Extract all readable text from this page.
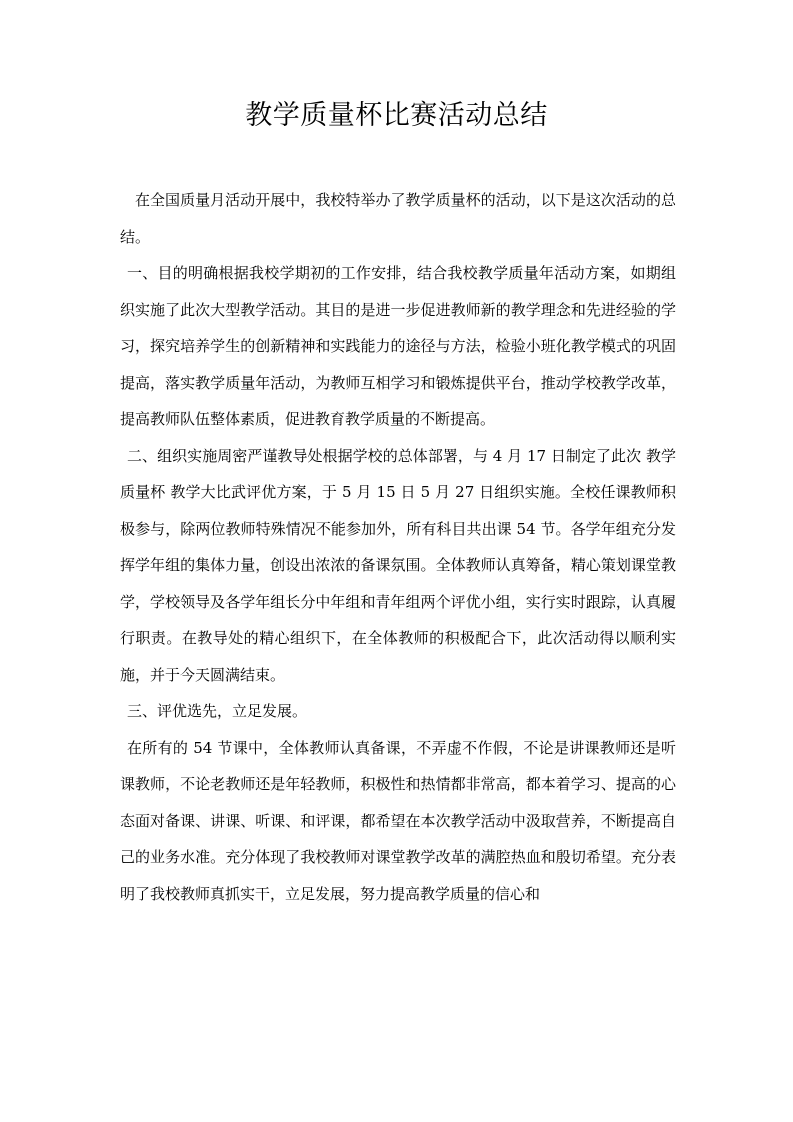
教学质量杯比赛活动总结

在全国质量月活动开展中，我校特举办了教学质量杯的活动，以下是这次活动的总结。

一、目的明确根据我校学期初的工作安排，结合我校教学质量年活动方案，如期组织实施了此次大型教学活动。其目的是进一步促进教师新的教学理念和先进经验的学习，探究培养学生的创新精神和实践能力的途径与方法，检验小班化教学模式的巩固提高，落实教学质量年活动，为教师互相学习和锻炼提供平台，推动学校教学改革，提高教师队伍整体素质，促进教育教学质量的不断提高。

二、组织实施周密严谨教导处根据学校的总体部署，与 4 月 17 日制定了此次 教学质量杯 教学大比武评优方案，于 5 月 15 日 5 月 27 日组织实施。全校任课教师积极参与，除两位教师特殊情况不能参加外，所有科目共出课 54 节。各学年组充分发挥学年组的集体力量，创设出浓浓的备课氛围。全体教师认真筹备，精心策划课堂教学，学校领导及各学年组长分中年组和青年组两个评优小组，实行实时跟踪，认真履行职责。在教导处的精心组织下，在全体教师的积极配合下，此次活动得以顺利实施，并于今天圆满结束。

三、评优选先，立足发展。

在所有的 54 节课中，全体教师认真备课，不弄虚不作假，不论是讲课教师还是听课教师，不论老教师还是年轻教师，积极性和热情都非常高，都本着学习、提高的心态面对备课、讲课、听课、和评课，都希望在本次教学活动中汲取营养，不断提高自己的业务水准。充分体现了我校教师对课堂教学改革的满腔热血和殷切希望。充分表明了我校教师真抓实干，立足发展，努力提高教学质量的信心和
